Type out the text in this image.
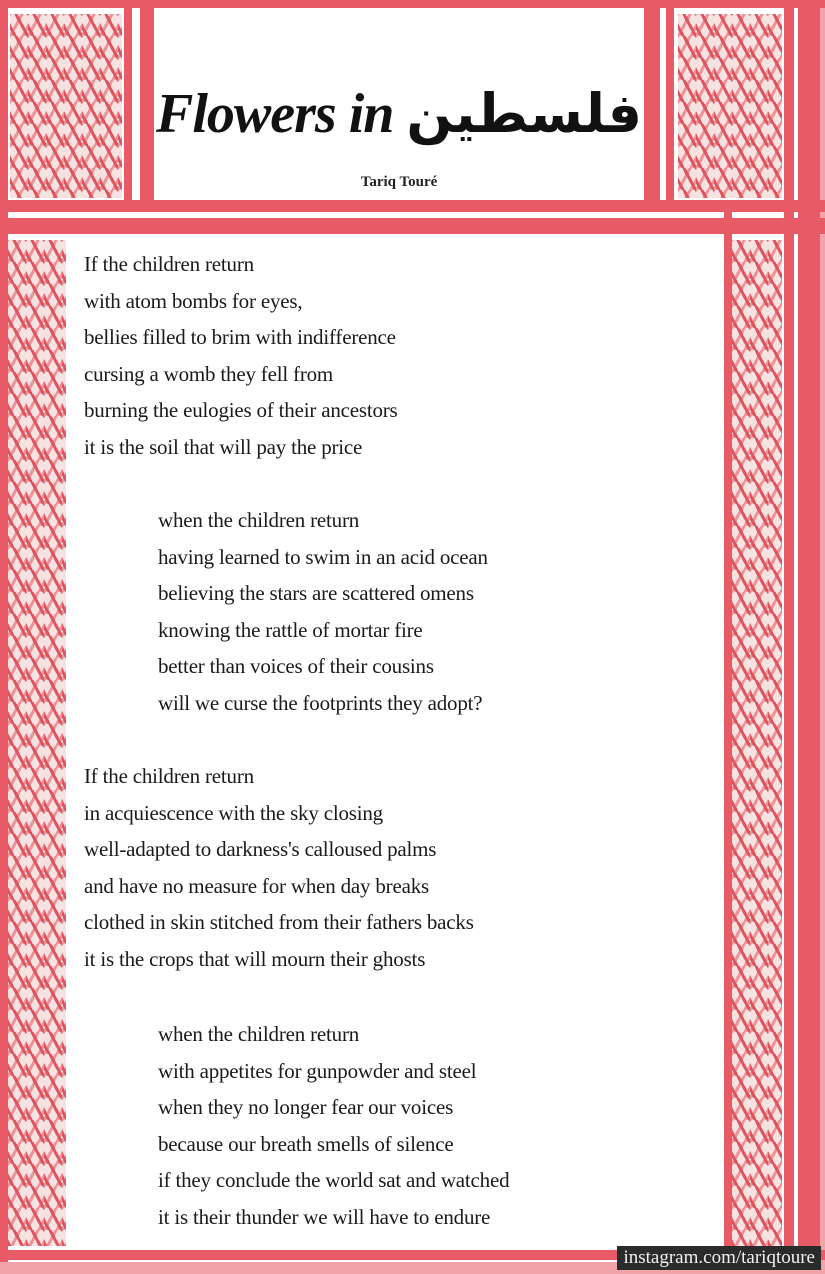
Flowers in فلسطين
Tariq Touré
If the children return
with atom bombs for eyes,
bellies filled to brim with indifference
cursing a womb they fell from
burning the eulogies of their ancestors
it is the soil that will pay the price
when the children return
having learned to swim in an acid ocean
believing the stars are scattered omens
knowing the rattle of mortar fire
better than voices of their cousins
will we curse the footprints they adopt?
If the children return
in acquiescence with the sky closing
well-adapted to darkness's calloused palms
and have no measure for when day breaks
clothed in skin stitched from their fathers backs
it is the crops that will mourn their ghosts
when the children return
with appetites for gunpowder and steel
when they no longer fear our voices
because our breath smells of silence
if they conclude the world sat and watched
it is their thunder we will have to endure
instagram.com/tariqtoure
